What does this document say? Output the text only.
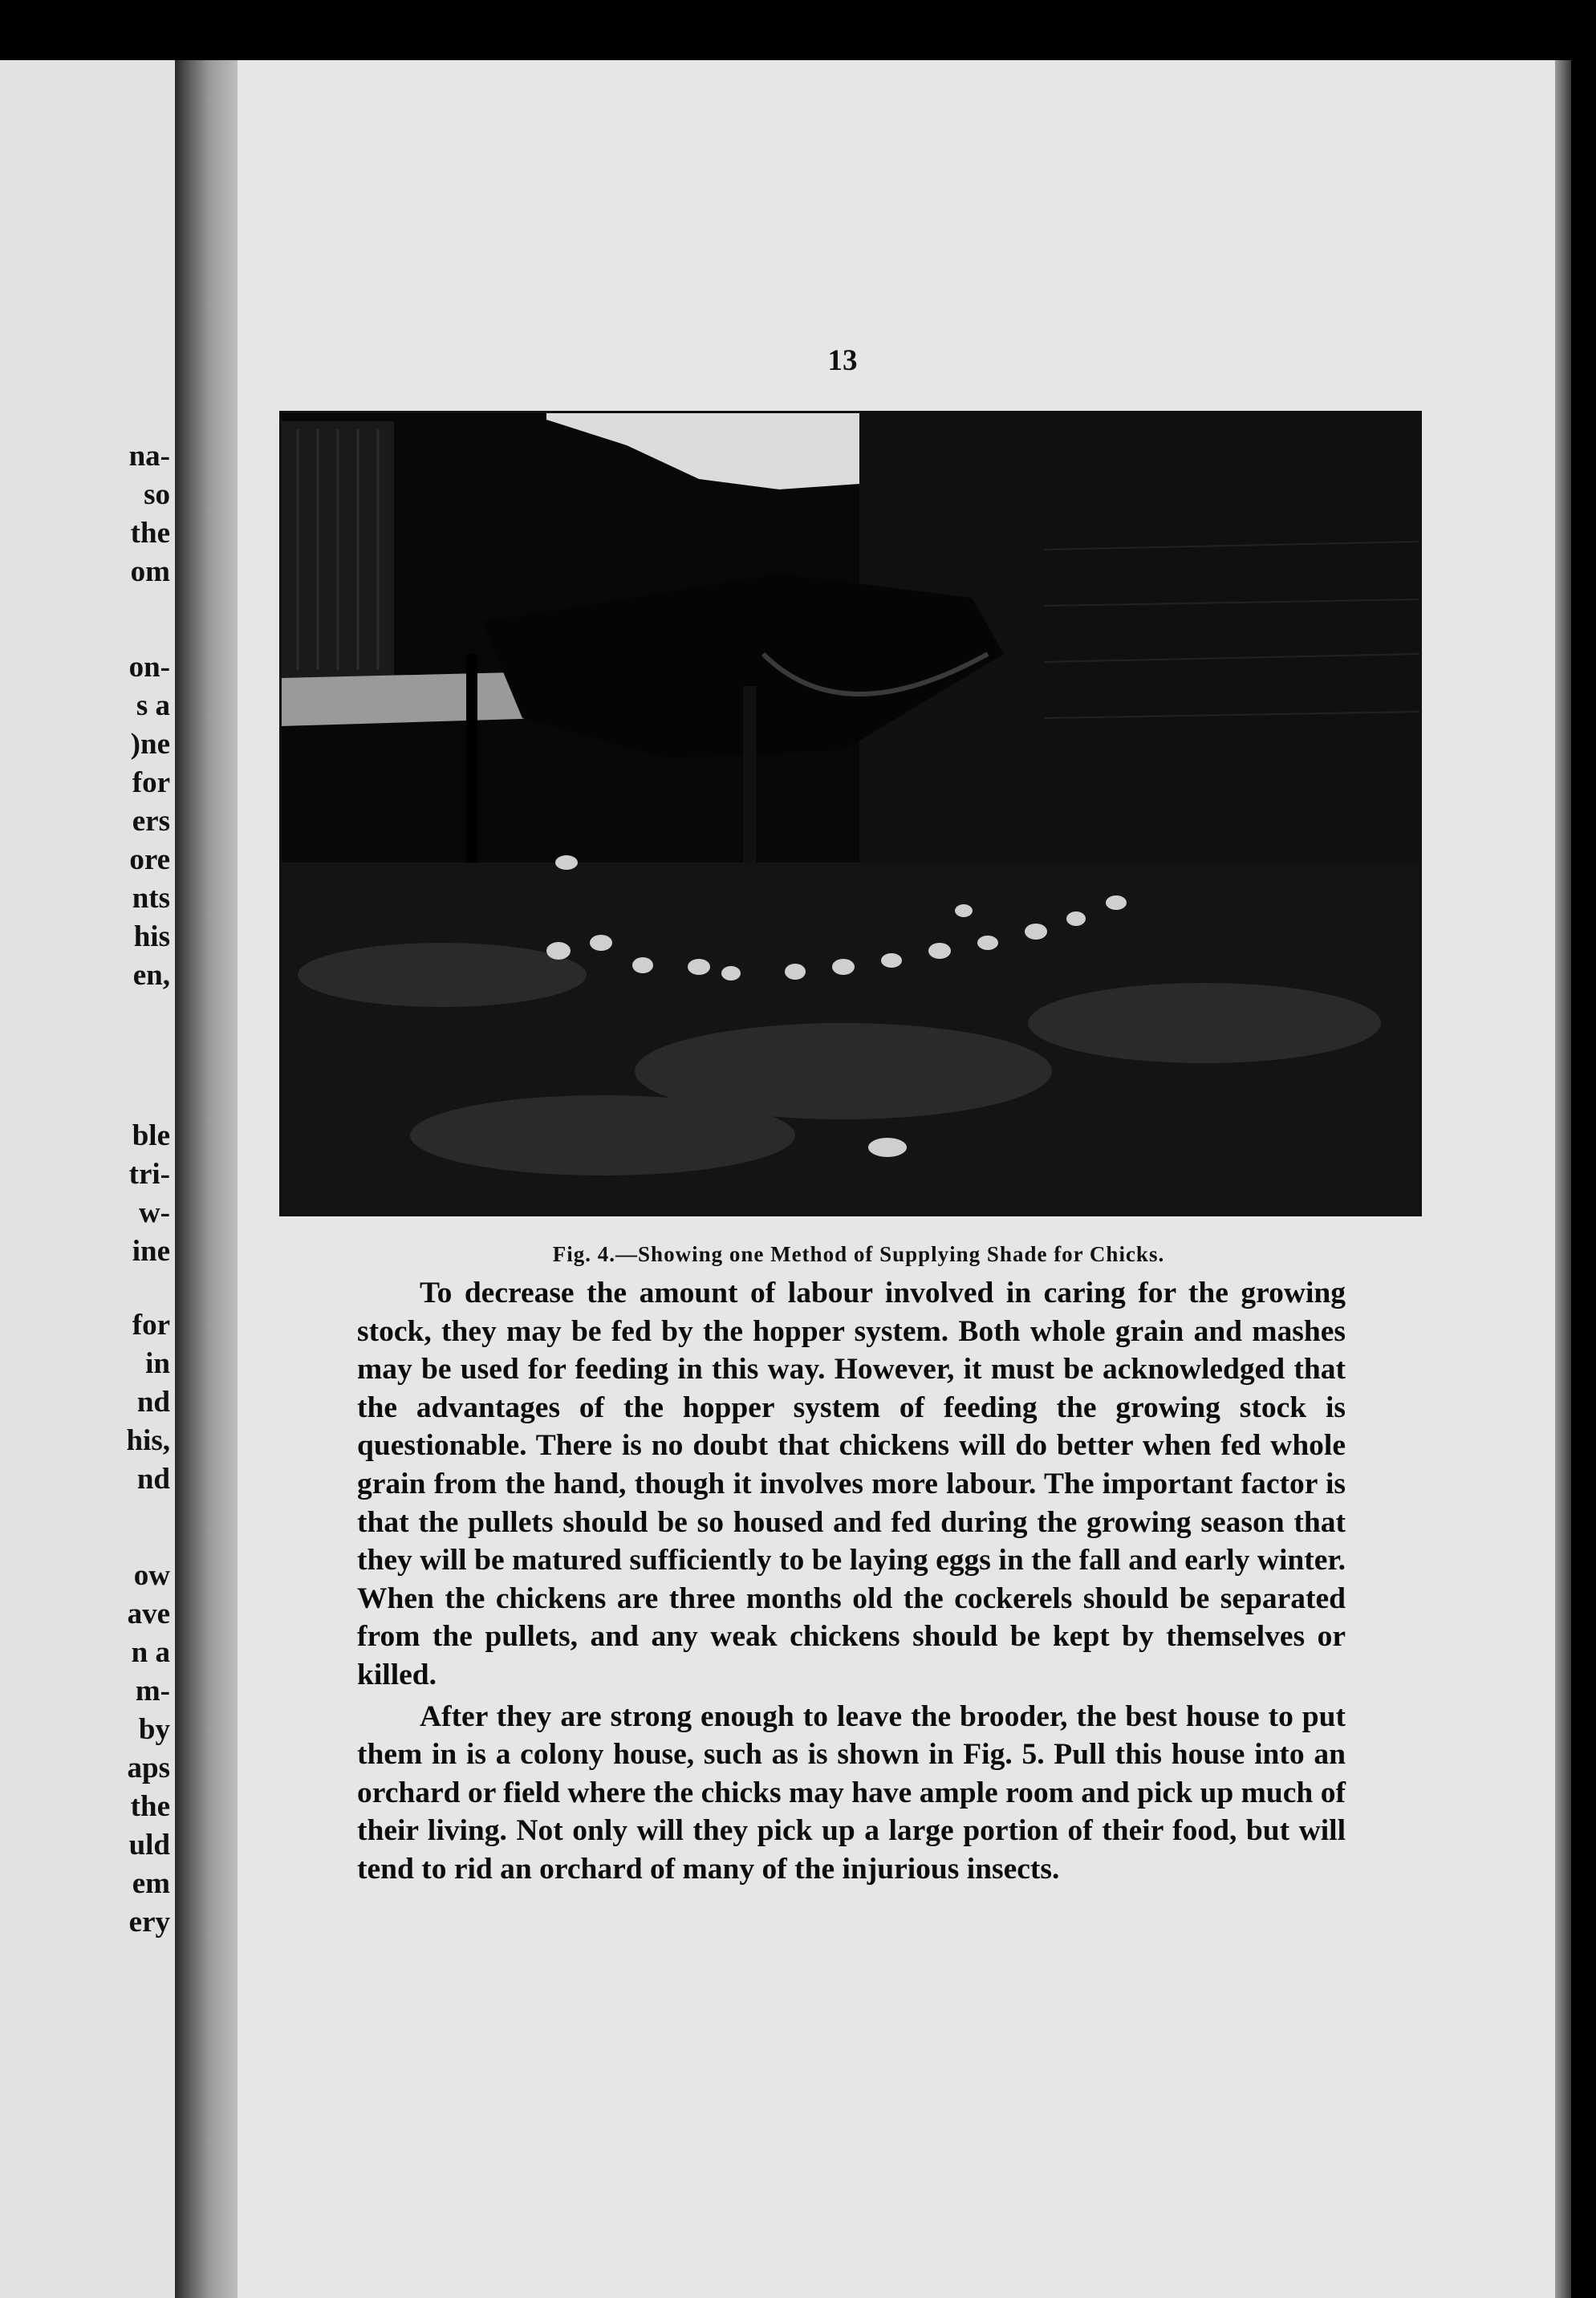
na-
so
the
om
on-
s a
)ne
for
ers
ore
nts
his
en,
ble
tri-
w-
ine
for
in
nd
his,
nd
ow
ave
n a
m-
by
aps
the
uld
em
ery
13
Fig. 4.—Showing one Method of Supplying Shade for Chicks.

To decrease the amount of labour involved in caring for the growing stock, they may be fed by the hopper system. Both whole grain and mashes may be used for feeding in this way. However, it must be acknowledged that the advantages of the hopper system of feeding the growing stock is questionable. There is no doubt that chickens will do better when fed whole grain from the hand, though it involves more labour. The important factor is that the pullets should be so housed and fed during the growing season that they will be matured sufficiently to be laying eggs in the fall and early winter. When the chickens are three months old the cockerels should be separated from the pullets, and any weak chickens should be kept by themselves or killed.

After they are strong enough to leave the brooder, the best house to put them in is a colony house, such as is shown in Fig. 5. Pull this house into an orchard or field where the chicks may have ample room and pick up much of their living. Not only will they pick up a large portion of their food, but will tend to rid an orchard of many of the injurious insects.
